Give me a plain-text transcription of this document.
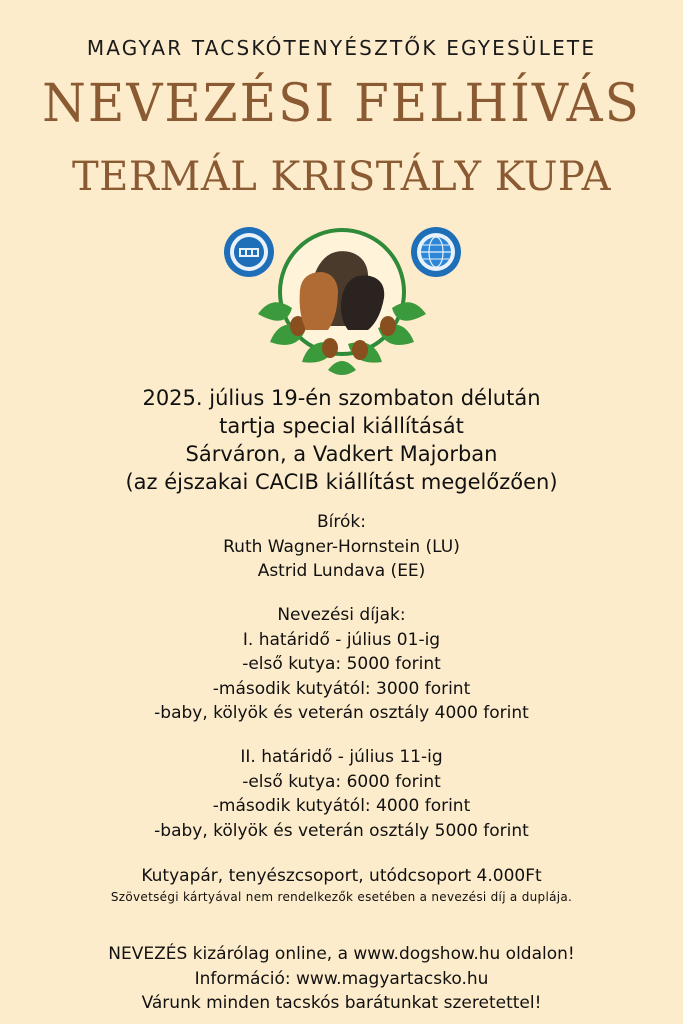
MAGYAR TACSKÓTENYÉSZTŐK EGYESÜLETE
NEVEZÉSI FELHÍVÁS
TERMÁL KRISTÁLY KUPA
2025. július 19-én szombaton délután
tartja special kiállítását
Sárváron, a Vadkert Majorban
(az éjszakai CACIB kiállítást megelőzően)
Bírók:
Ruth Wagner-Hornstein (LU)
Astrid Lundava (EE)
Nevezési díjak:
I. határidő - július 01-ig
-első kutya: 5000 forint
-második kutyától: 3000 forint
-baby, kölyök és veterán osztály 4000 forint
II. határidő - július 11-ig
-első kutya: 6000 forint
-második kutyától: 4000 forint
-baby, kölyök és veterán osztály 5000 forint
Kutyapár, tenyészcsoport, utódcsoport 4.000Ft
Szövetségi kártyával nem rendelkezők esetében a nevezési díj a duplája.
NEVEZÉS kizárólag online, a www.dogshow.hu oldalon!
Információ: www.magyartacsko.hu
Várunk minden tacskós barátunkat szeretettel!
